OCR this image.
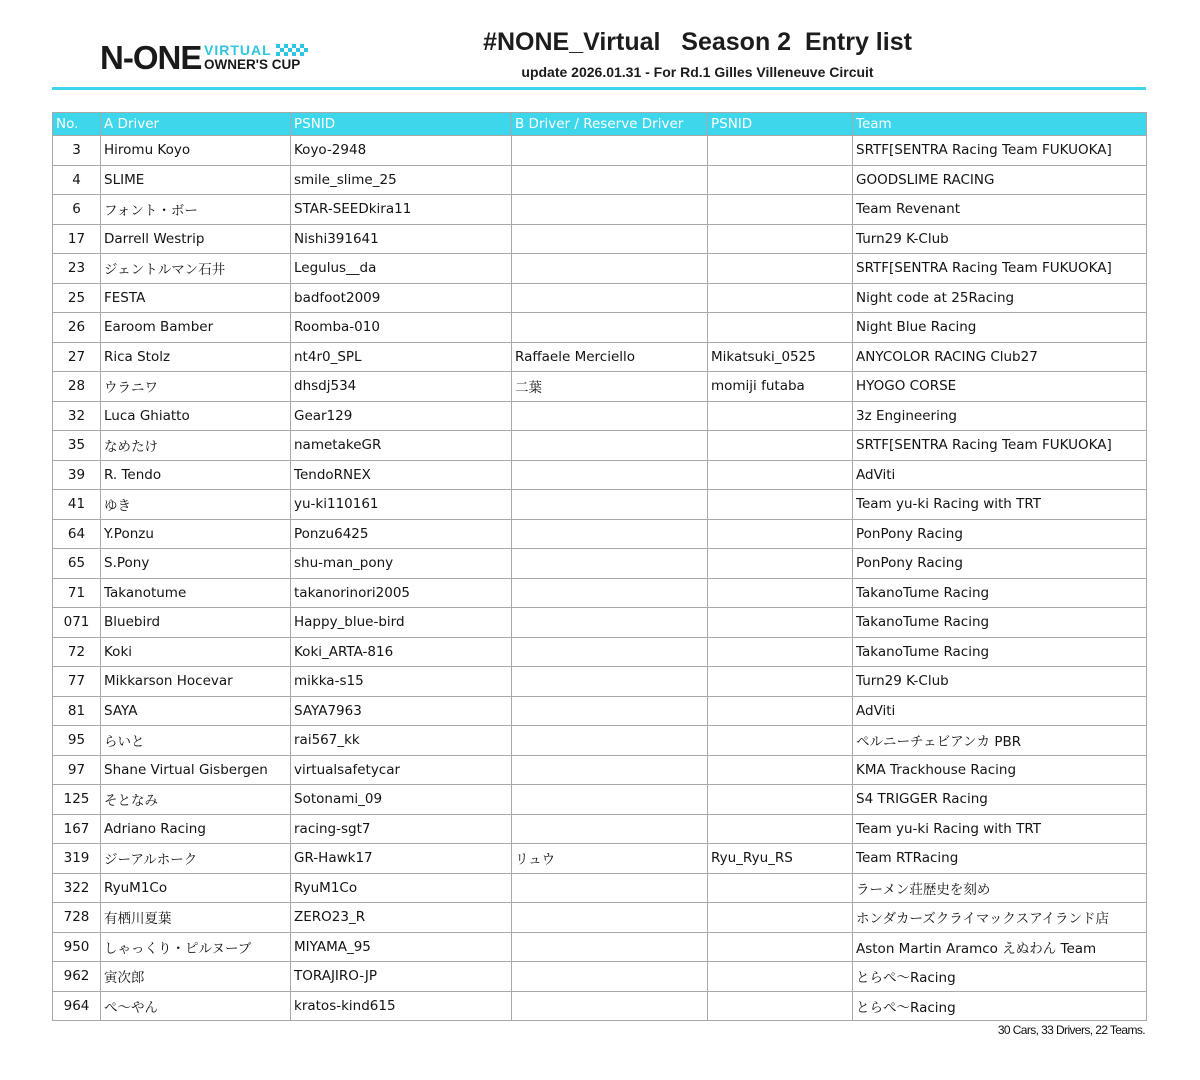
N-ONE VIRTUAL
OWNER'S CUP
#NONE_Virtual   Season 2  Entry list
update 2026.01.31 - For Rd.1 Gilles Villeneuve Circuit
No.	A Driver	PSNID	B Driver / Reserve Driver	PSNID	Team
3	Hiromu Koyo	Koyo-2948			SRTF[SENTRA Racing Team FUKUOKA]
4	SLIME	smile_slime_25			GOODSLIME RACING
6	フォント・ボー	STAR-SEEDkira11			Team Revenant
17	Darrell Westrip	Nishi391641			Turn29 K-Club
23	ジェントルマン石井	Legulus__da			SRTF[SENTRA Racing Team FUKUOKA]
25	FESTA	badfoot2009			Night code at 25Racing
26	Earoom Bamber	Roomba-010			Night Blue Racing
27	Rica Stolz	nt4r0_SPL	Raffaele Merciello	Mikatsuki_0525	ANYCOLOR RACING Club27
28	ウラニワ	dhsdj534	二葉	momiji futaba	HYOGO CORSE
32	Luca Ghiatto	Gear129			3z Engineering
35	なめたけ	nametakeGR			SRTF[SENTRA Racing Team FUKUOKA]
39	R. Tendo	TendoRNEX			AdViti
41	ゆき	yu-ki110161			Team yu-ki Racing with TRT
64	Y.Ponzu	Ponzu6425			PonPony Racing
65	S.Pony	shu-man_pony			PonPony Racing
71	Takanotume	takanorinori2005			TakanoTume Racing
071	Bluebird	Happy_blue-bird			TakanoTume Racing
72	Koki	Koki_ARTA-816			TakanoTume Racing
77	Mikkarson Hocevar	mikka-s15			Turn29 K-Club
81	SAYA	SAYA7963			AdViti
95	らいと	rai567_kk			ペルニーチェビアンカ PBR
97	Shane Virtual Gisbergen	virtualsafetycar			KMA Trackhouse Racing
125	そとなみ	Sotonami_09			S4 TRIGGER Racing
167	Adriano Racing	racing-sgt7			Team yu-ki Racing with TRT
319	ジーアルホーク	GR-Hawk17	リュウ	Ryu_Ryu_RS	Team RTRacing
322	RyuM1Co	RyuM1Co			ラーメン荘歴史を刻め
728	有栖川夏葉	ZERO23_R			ホンダカーズクライマックスアイランド店
950	しゃっくり・ピルヌーブ	MIYAMA_95			Aston Martin Aramco えぬわん Team
962	寅次郎	TORAJIRO-JP			とらぺ〜Racing
964	ぺ〜やん	kratos-kind615			とらぺ〜Racing
30 Cars, 33 Drivers, 22 Teams.
